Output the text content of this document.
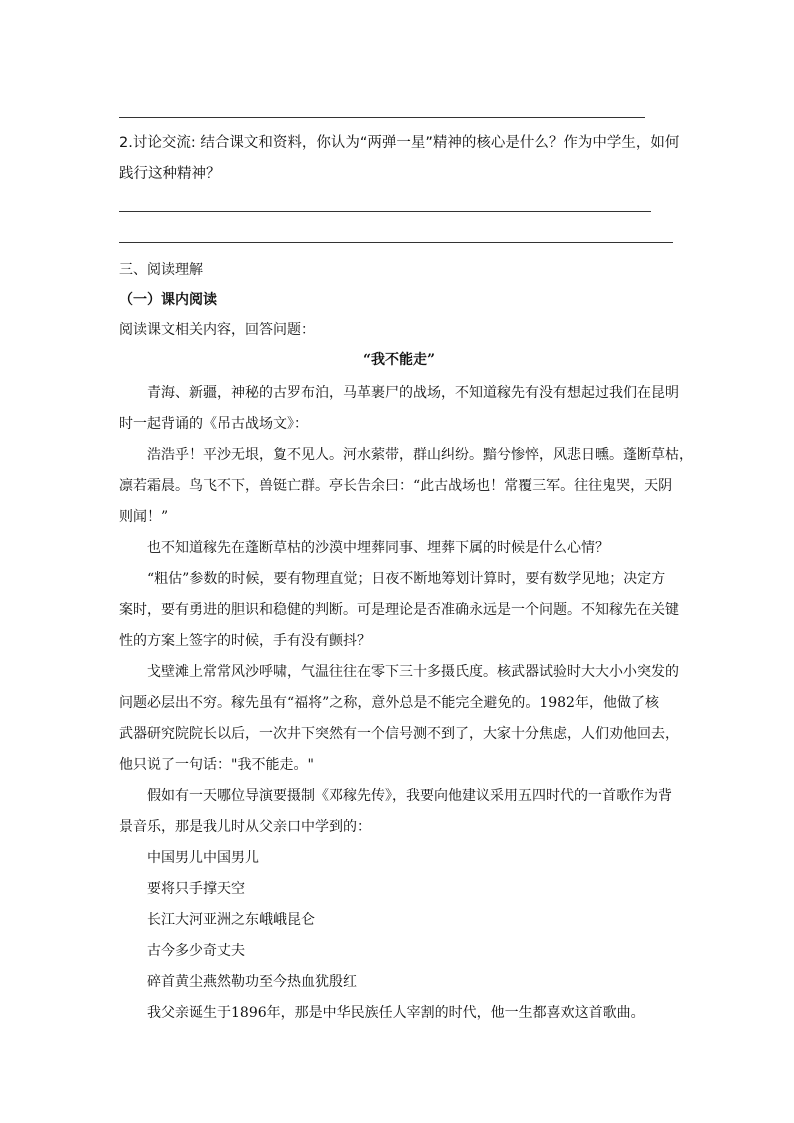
2.讨论交流: 结合课文和资料，你认为“两弹一星”精神的核心是什么？作为中学生，如何
践行这种精神？
三、阅读理解
（一）课内阅读
阅读课文相关内容，回答问题：
“我不能走”
　　青海、新疆，神秘的古罗布泊，马革裹尸的战场，不知道稼先有没有想起过我们在昆明
时一起背诵的《吊古战场文》：
　　浩浩乎！平沙无垠，夐不见人。河水萦带，群山纠纷。黯兮惨悴，风悲日曛。蓬断草枯，
凛若霜晨。鸟飞不下，兽铤亡群。亭长告余曰：“此古战场也！常覆三军。往往鬼哭，天阴
则闻！”
　　也不知道稼先在蓬断草枯的沙漠中埋葬同事、埋葬下属的时候是什么心情？
　　“粗估”参数的时候，要有物理直觉；日夜不断地筹划计算时，要有数学见地；决定方
案时，要有勇进的胆识和稳健的判断。可是理论是否准确永远是一个问题。不知稼先在关键
性的方案上签字的时候，手有没有颤抖？
　　戈壁滩上常常风沙呼啸，气温往往在零下三十多摄氏度。核武器试验时大大小小突发的
问题必层出不穷。稼先虽有“福将”之称，意外总是不能完全避免的。1982年，他做了核
武器研究院院长以后，一次井下突然有一个信号测不到了，大家十分焦虑，人们劝他回去，
他只说了一句话："我不能走。"
　　假如有一天哪位导演要摄制《邓稼先传》，我要向他建议采用五四时代的一首歌作为背
景音乐，那是我儿时从父亲口中学到的：
　　中国男儿中国男儿
　　要将只手撑天空
　　长江大河亚洲之东峨峨昆仑
　　古今多少奇丈夫
　　碎首黄尘燕然勒功至今热血犹殷红
　　我父亲诞生于1896年，那是中华民族任人宰割的时代，他一生都喜欢这首歌曲。
